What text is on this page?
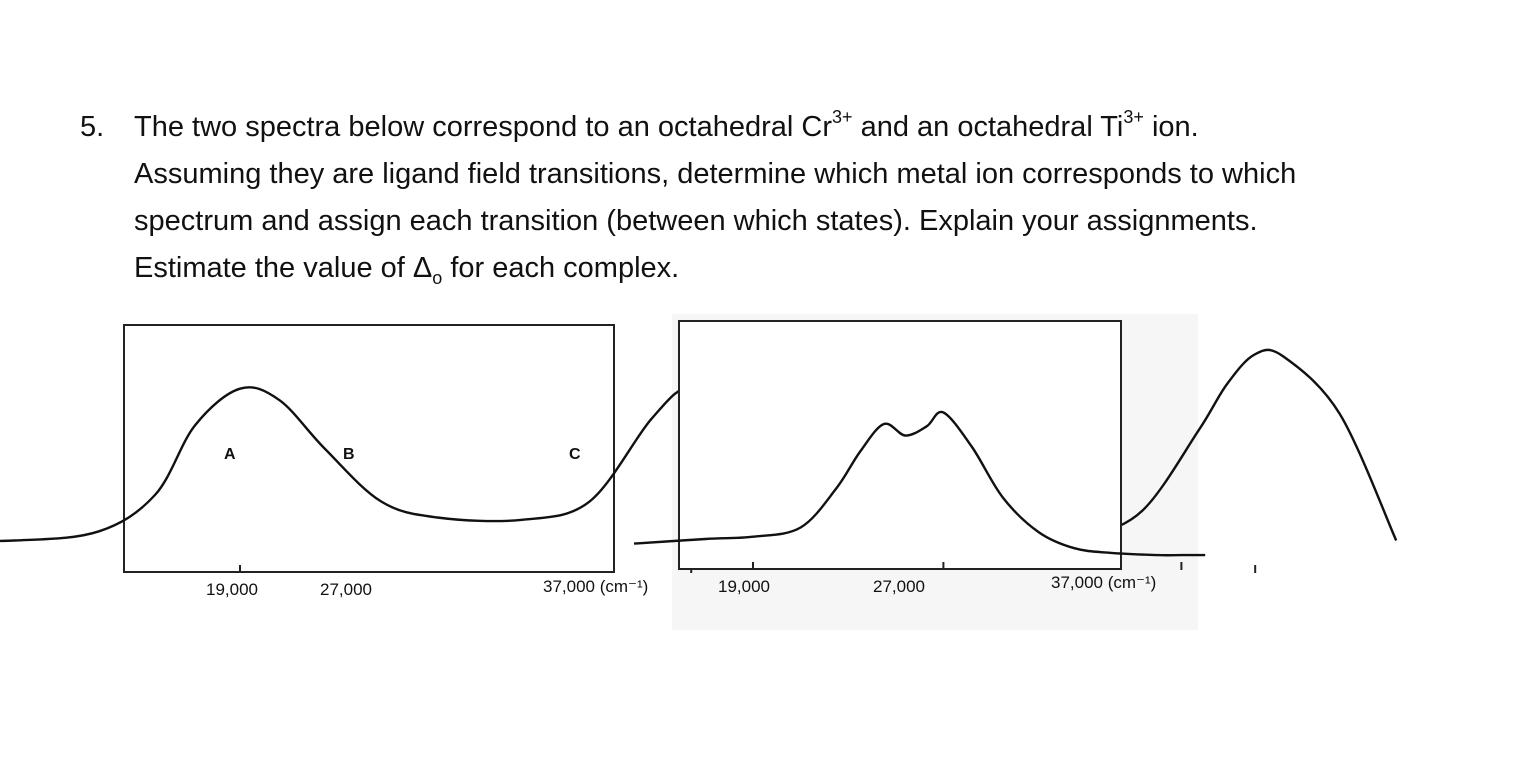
5. The two spectra below correspond to an octahedral $Cr^{3+}$ and an octahedral $Ti^{3+}$ ion.
Assuming they are ligand field transitions, determine which metal ion corresponds to which
spectrum and assign each transition (between which states). Explain your assignments.
Estimate the value of $\Delta_o$ for each complex.
A	B	C
19,000	27,000	37,000 (cm⁻¹)	19,000	27,000	37,000 (cm⁻¹)
